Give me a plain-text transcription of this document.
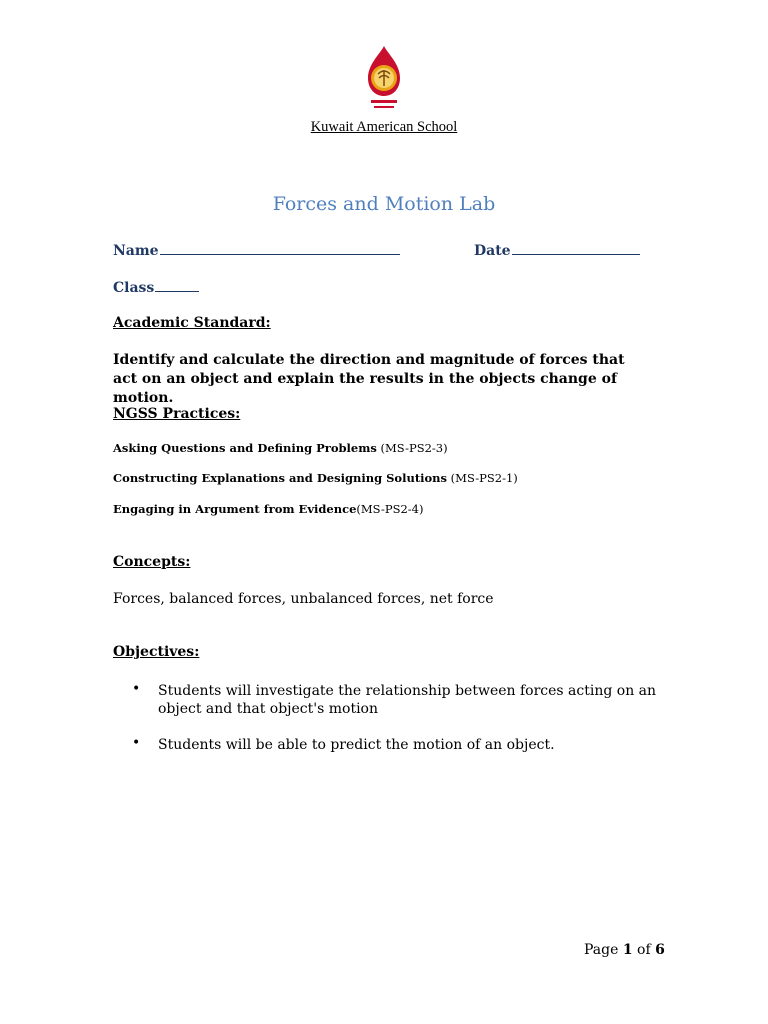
Kuwait American School
Forces and Motion Lab
Name	Date
Class
Academic Standard:
Identify and calculate the direction and magnitude of forces that act on an object and explain the results in the objects change of motion.
NGSS Practices:
Asking Questions and Defining Problems (MS-PS2-3)
Constructing Explanations and Designing Solutions (MS-PS2-1)
Engaging in Argument from Evidence(MS-PS2-4)
Concepts:
Forces, balanced forces, unbalanced forces, net force
Objectives:
• Students will investigate the relationship between forces acting on an object and that object's motion
• Students will be able to predict the motion of an object.
Page 1 of 6
